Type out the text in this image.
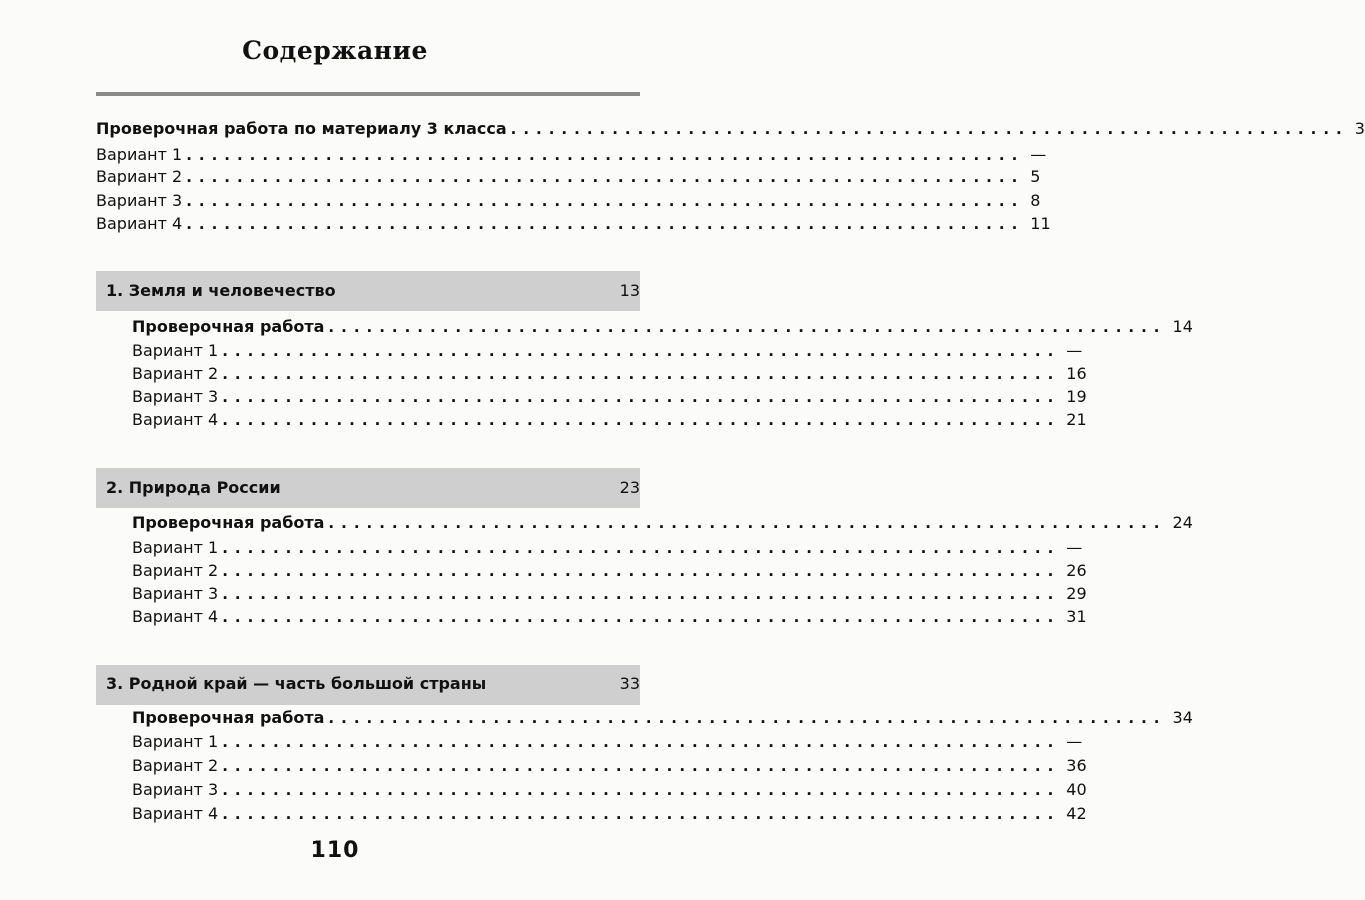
Содержание
Проверочная работа по материалу 3 класса .................................................................. 3
Вариант 1 .................................................................. —
Вариант 2 .................................................................. 5
Вариант 3 .................................................................. 8
Вариант 4 .................................................................. 11
1. Земля и человечество	13
Проверочная работа .................................................................. 14
Вариант 1 .................................................................. —
Вариант 2 .................................................................. 16
Вариант 3 .................................................................. 19
Вариант 4 .................................................................. 21
2. Природа России	23
Проверочная работа .................................................................. 24
Вариант 1 .................................................................. —
Вариант 2 .................................................................. 26
Вариант 3 .................................................................. 29
Вариант 4 .................................................................. 31
3. Родной край — часть большой страны	33
Проверочная работа .................................................................. 34
Вариант 1 .................................................................. —
Вариант 2 .................................................................. 36
Вариант 3 .................................................................. 40
Вариант 4 .................................................................. 42
110
